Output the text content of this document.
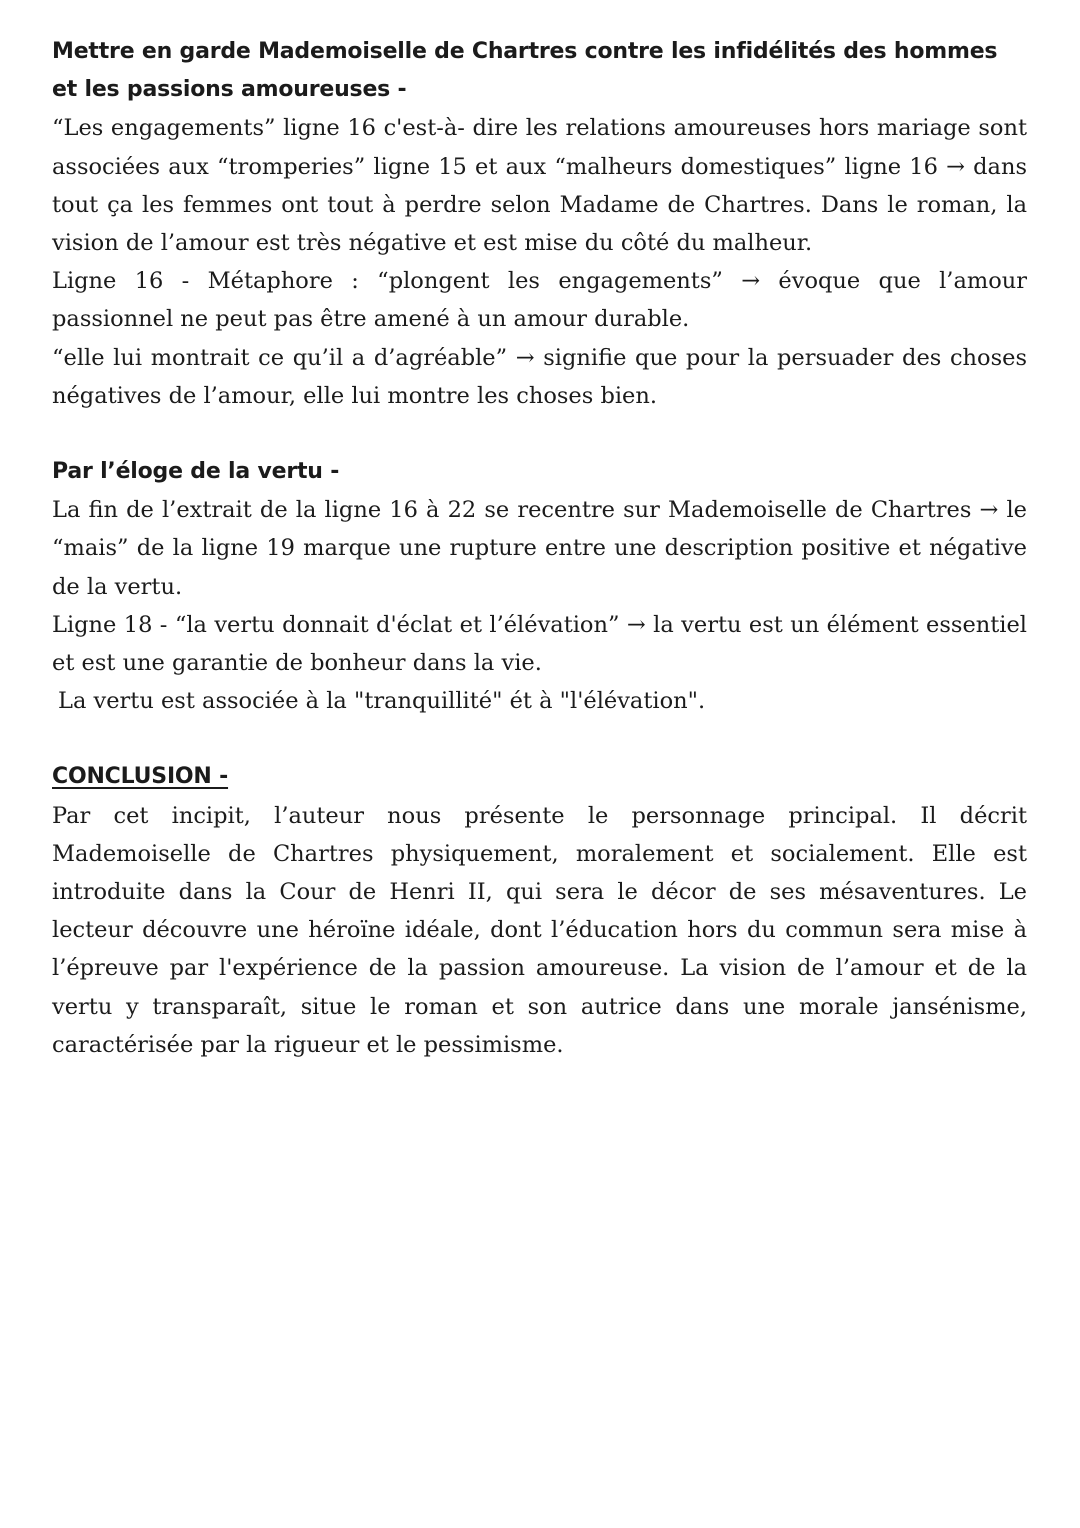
Mettre en garde Mademoiselle de Chartres contre les infidélités des hommes et les passions amoureuses -

“Les engagements” ligne 16 c'est-à- dire les relations amoureuses hors mariage sont associées aux “tromperies” ligne 15 et aux “malheurs domestiques” ligne 16 → dans tout ça les femmes ont tout à perdre selon Madame de Chartres. Dans le roman, la vision de l’amour est très négative et est mise du côté du malheur.

Ligne 16 - Métaphore : “plongent les engagements” → évoque que l’amour passionnel ne peut pas être amené à un amour durable.

“elle lui montrait ce qu’il a d’agréable” → signifie que pour la persuader des choses négatives de l’amour, elle lui montre les choses bien.

Par l’éloge de la vertu -

La fin de l’extrait de la ligne 16 à 22 se recentre sur Mademoiselle de Chartres → le “mais” de la ligne 19 marque une rupture entre une description positive et négative de la vertu.

Ligne 18 - “la vertu donnait d'éclat et l’élévation” → la vertu est un élément essentiel et est une garantie de bonheur dans la vie.

La vertu est associée à la "tranquillité" ét à "l'élévation".

CONCLUSION -

Par cet incipit, l’auteur nous présente le personnage principal. Il décrit Mademoiselle de Chartres physiquement, moralement et socialement. Elle est introduite dans la Cour de Henri II, qui sera le décor de ses mésaventures. Le lecteur découvre une héroïne idéale, dont l’éducation hors du commun sera mise à l’épreuve par l'expérience de la passion amoureuse. La vision de l’amour et de la vertu y transparaît, situe le roman et son autrice dans une morale jansénisme, caractérisée par la rigueur et le pessimisme.
